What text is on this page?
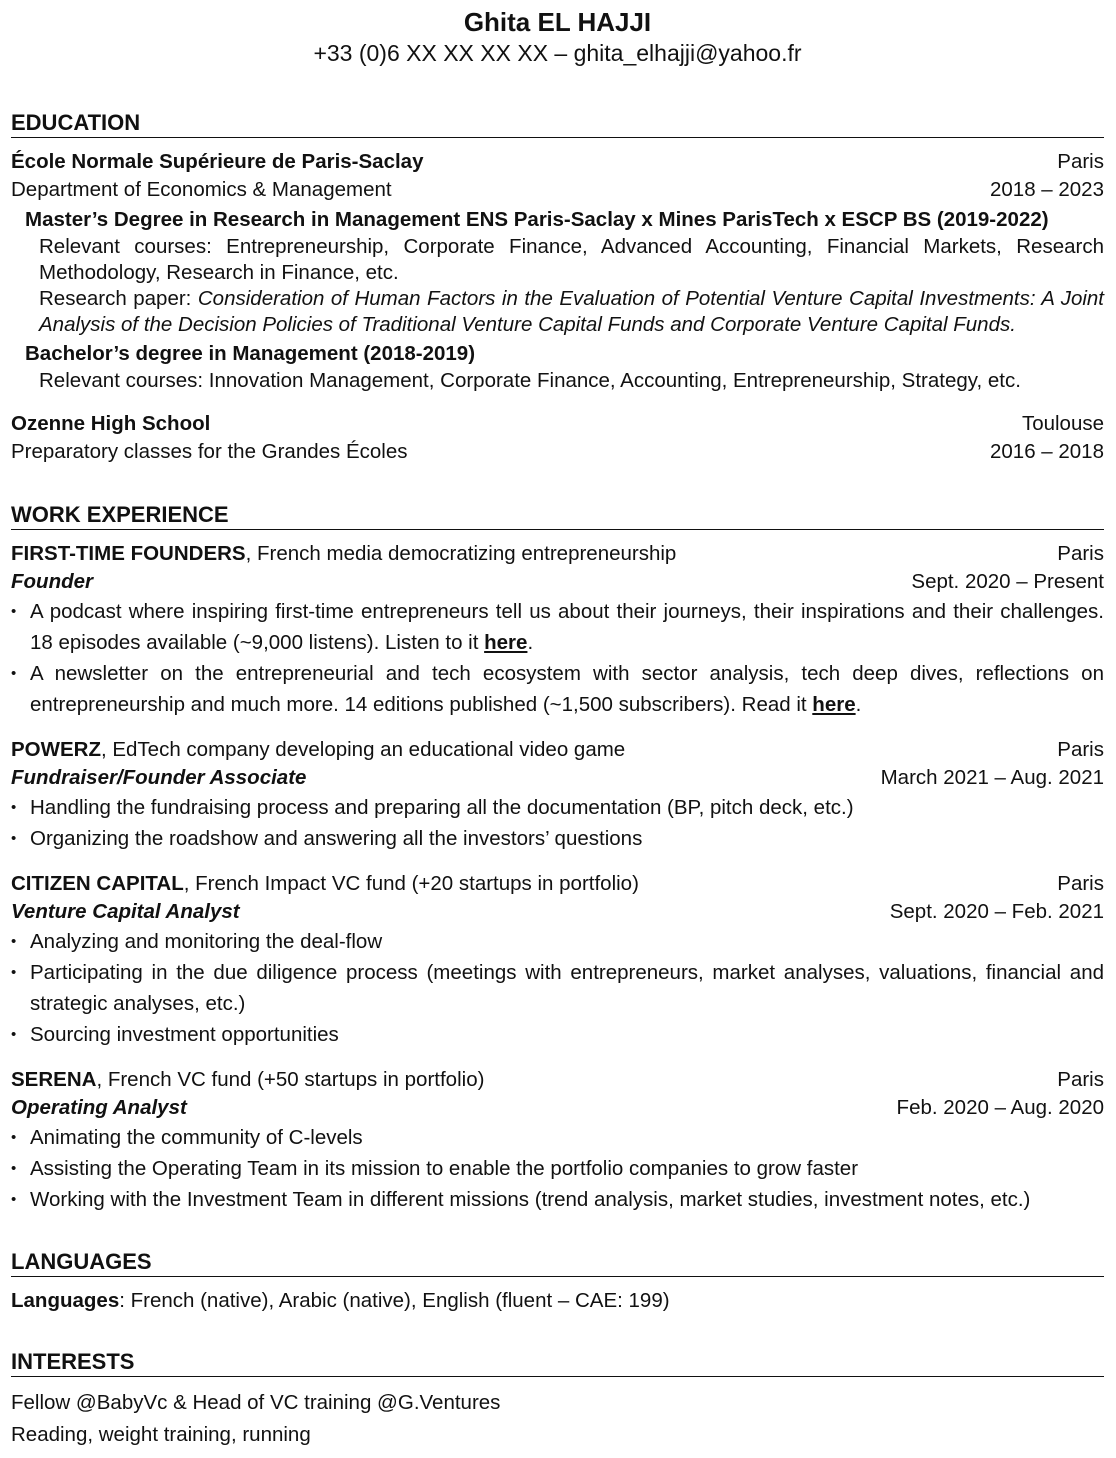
Ghita EL HAJJI
+33 (0)6 XX XX XX XX – ghita_elhajji@yahoo.fr
EDUCATION
École Normale Supérieure de Paris-Saclay	Paris
Department of Economics & Management	2018 – 2023
Master’s Degree in Research in Management ENS Paris-Saclay x Mines ParisTech x ESCP BS (2019-2022)
Relevant courses: Entrepreneurship, Corporate Finance, Advanced Accounting, Financial Markets, Research Methodology, Research in Finance, etc.
Research paper: Consideration of Human Factors in the Evaluation of Potential Venture Capital Investments: A Joint Analysis of the Decision Policies of Traditional Venture Capital Funds and Corporate Venture Capital Funds.
Bachelor’s degree in Management (2018-2019)
Relevant courses: Innovation Management, Corporate Finance, Accounting, Entrepreneurship, Strategy, etc.
Ozenne High School	Toulouse
Preparatory classes for the Grandes Écoles	2016 – 2018
WORK EXPERIENCE
FIRST-TIME FOUNDERS, French media democratizing entrepreneurship	Paris
Founder	Sept. 2020 – Present
• A podcast where inspiring first-time entrepreneurs tell us about their journeys, their inspirations and their challenges. 18 episodes available (~9,000 listens). Listen to it here.
• A newsletter on the entrepreneurial and tech ecosystem with sector analysis, tech deep dives, reflections on entrepreneurship and much more. 14 editions published (~1,500 subscribers). Read it here.
POWERZ, EdTech company developing an educational video game	Paris
Fundraiser/Founder Associate	March 2021 – Aug. 2021
• Handling the fundraising process and preparing all the documentation (BP, pitch deck, etc.)
• Organizing the roadshow and answering all the investors’ questions
CITIZEN CAPITAL, French Impact VC fund (+20 startups in portfolio)	Paris
Venture Capital Analyst	Sept. 2020 – Feb. 2021
• Analyzing and monitoring the deal-flow
• Participating in the due diligence process (meetings with entrepreneurs, market analyses, valuations, financial and strategic analyses, etc.)
• Sourcing investment opportunities
SERENA, French VC fund (+50 startups in portfolio)	Paris
Operating Analyst	Feb. 2020 – Aug. 2020
• Animating the community of C-levels
• Assisting the Operating Team in its mission to enable the portfolio companies to grow faster
• Working with the Investment Team in different missions (trend analysis, market studies, investment notes, etc.)
LANGUAGES
Languages: French (native), Arabic (native), English (fluent – CAE: 199)
INTERESTS
Fellow @BabyVc & Head of VC training @G.Ventures
Reading, weight training, running
